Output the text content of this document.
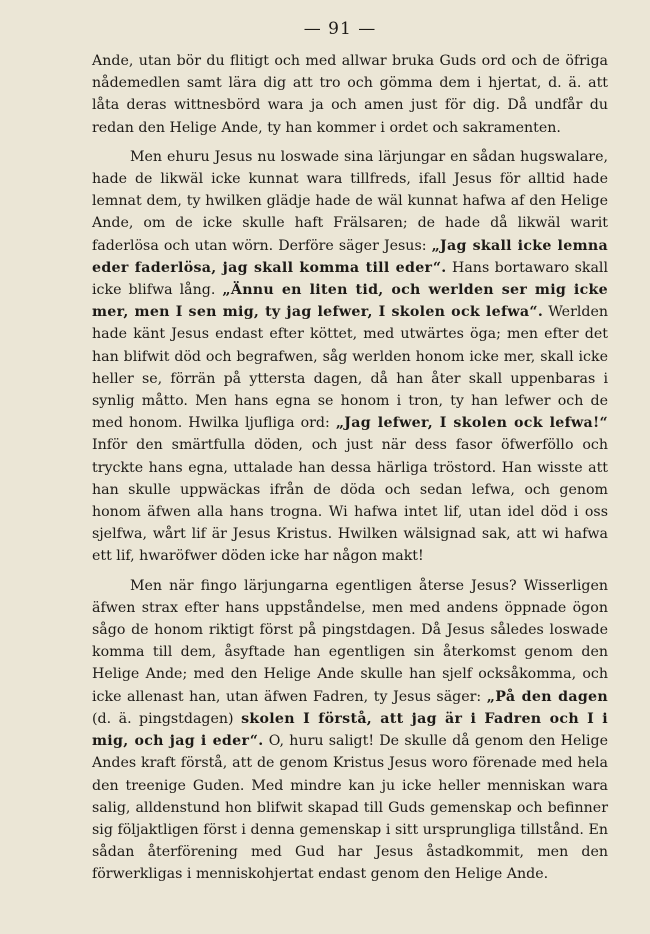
— 91 —

Ande, utan bör du flitigt och med allwar bruka Guds ord och de öfriga nådemedlen samt lära dig att tro och gömma dem i hjertat, d. ä. att låta deras wittnesbörd wara ja och amen just för dig. Då undfår du redan den Helige Ande, ty han kommer i ordet och sakramenten.

Men ehuru Jesus nu loswade sina lärjungar en sådan hugswalare, hade de likwäl icke kunnat wara tillfreds, ifall Jesus för alltid hade lemnat dem, ty hwilken glädje hade de wäl kunnat hafwa af den Helige Ande, om de icke skulle haft Frälsaren; de hade då likwäl warit faderlösa och utan wörn. Derföre säger Jesus: „Jag skall icke lemna eder faderlösa, jag skall komma till eder“. Hans bortawaro skall icke blifwa lång. „Ännu en liten tid, och werlden ser mig icke mer, men I sen mig, ty jag lefwer, I skolen ock lefwa“. Werlden hade känt Jesus endast efter köttet, med utwärtes öga; men efter det han blifwit död och begrafwen, såg werlden honom icke mer, skall icke heller se, förrän på yttersta dagen, då han åter skall uppenbaras i synlig måtto. Men hans egna se honom i tron, ty han lefwer och de med honom. Hwilka ljufliga ord: „Jag lefwer, I skolen ock lefwa!“ Inför den smärtfulla döden, och just när dess fasor öfwerföllo och tryckte hans egna, uttalade han dessa härliga tröstord. Han wisste att han skulle uppwäckas ifrån de döda och sedan lefwa, och genom honom äfwen alla hans trogna. Wi hafwa intet lif, utan idel död i oss sjelfwa, wårt lif är Jesus Kristus. Hwilken wälsignad sak, att wi hafwa ett lif, hwaröfwer döden icke har någon makt!

Men när fingo lärjungarna egentligen återse Jesus? Wisserligen äfwen strax efter hans uppståndelse, men med andens öppnade ögon sågo de honom riktigt först på pingstdagen. Då Jesus således loswade komma till dem, åsyftade han egentligen sin återkomst genom den Helige Ande; med den Helige Ande skulle han sjelf ocksåkomma, och icke allenast han, utan äfwen Fadren, ty Jesus säger: „På den dagen (d. ä. pingstdagen) skolen I förstå, att jag är i Fadren och I i mig, och jag i eder“. O, huru saligt! De skulle då genom den Helige Andes kraft förstå, att de genom Kristus Jesus woro förenade med hela den treenige Guden. Med mindre kan ju icke heller menniskan wara salig, alldenstund hon blifwit skapad till Guds gemenskap och befinner sig följaktligen först i denna gemenskap i sitt ursprungliga tillstånd. En sådan återförening med Gud har Jesus åstadkommit, men den förwerkligas i menniskohjertat endast genom den Helige Ande.
